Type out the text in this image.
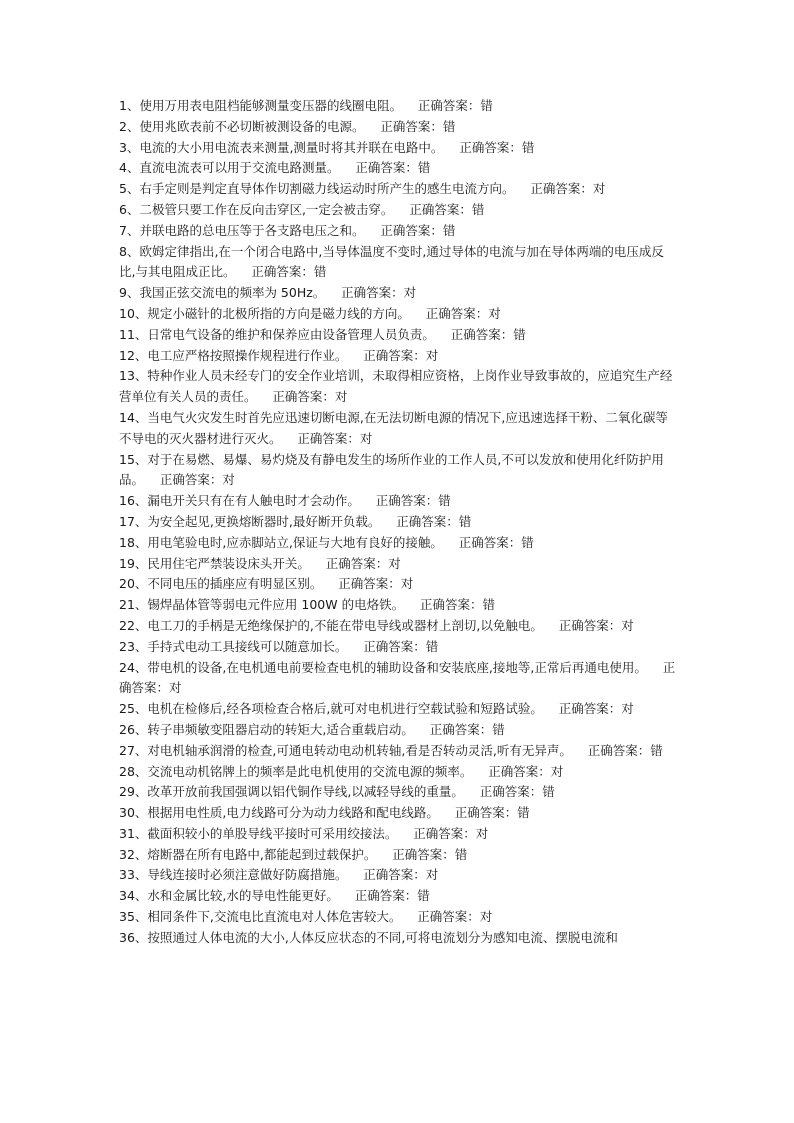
1、使用万用表电阻档能够测量变压器的线圈电阻。    正确答案：错
2、使用兆欧表前不必切断被测设备的电源。    正确答案：错
3、电流的大小用电流表来测量,测量时将其并联在电路中。    正确答案：错
4、直流电流表可以用于交流电路测量。    正确答案：错
5、右手定则是判定直导体作切割磁力线运动时所产生的感生电流方向。    正确答案：对
6、二极管只要工作在反向击穿区,一定会被击穿。    正确答案：错
7、并联电路的总电压等于各支路电压之和。    正确答案：错
8、欧姆定律指出,在一个闭合电路中,当导体温度不变时,通过导体的电流与加在导体两端的电压成反比,与其电阻成正比。    正确答案：错
9、我国正弦交流电的频率为 50Hz。    正确答案：对
10、规定小磁针的北极所指的方向是磁力线的方向。    正确答案：对
11、日常电气设备的维护和保养应由设备管理人员负责。    正确答案：错
12、电工应严格按照操作规程进行作业。    正确答案：对
13、特种作业人员未经专门的安全作业培训，未取得相应资格，上岗作业导致事故的，应追究生产经营单位有关人员的责任。    正确答案：对
14、当电气火灾发生时首先应迅速切断电源,在无法切断电源的情况下,应迅速选择干粉、二氧化碳等不导电的灭火器材进行灭火。    正确答案：对
15、对于在易燃、易爆、易灼烧及有静电发生的场所作业的工作人员,不可以发放和使用化纤防护用品。    正确答案：对
16、漏电开关只有在有人触电时才会动作。    正确答案：错
17、为安全起见,更换熔断器时,最好断开负载。    正确答案：错
18、用电笔验电时,应赤脚站立,保证与大地有良好的接触。    正确答案：错
19、民用住宅严禁装设床头开关。    正确答案：对
20、不同电压的插座应有明显区别。    正确答案：对
21、锡焊晶体管等弱电元件应用 100W 的电烙铁。    正确答案：错
22、电工刀的手柄是无绝缘保护的,不能在带电导线或器材上剖切,以免触电。    正确答案：对
23、手持式电动工具接线可以随意加长。    正确答案：错
24、带电机的设备,在电机通电前要检查电机的辅助设备和安装底座,接地等,正常后再通电使用。    正确答案：对
25、电机在检修后,经各项检查合格后,就可对电机进行空载试验和短路试验。    正确答案：对
26、转子串频敏变阻器启动的转矩大,适合重载启动。    正确答案：错
27、对电机轴承润滑的检查,可通电转动电动机转轴,看是否转动灵活,听有无异声。    正确答案：错
28、交流电动机铭牌上的频率是此电机使用的交流电源的频率。    正确答案：对
29、改革开放前我国强调以铝代铜作导线,以减轻导线的重量。    正确答案：错
30、根据用电性质,电力线路可分为动力线路和配电线路。    正确答案：错
31、截面积较小的单股导线平接时可采用绞接法。    正确答案：对
32、熔断器在所有电路中,都能起到过载保护。    正确答案：错
33、导线连接时必须注意做好防腐措施。    正确答案：对
34、水和金属比较,水的导电性能更好。    正确答案：错
35、相同条件下,交流电比直流电对人体危害较大。    正确答案：对
36、按照通过人体电流的大小,人体反应状态的不同,可将电流划分为感知电流、摆脱电流和
